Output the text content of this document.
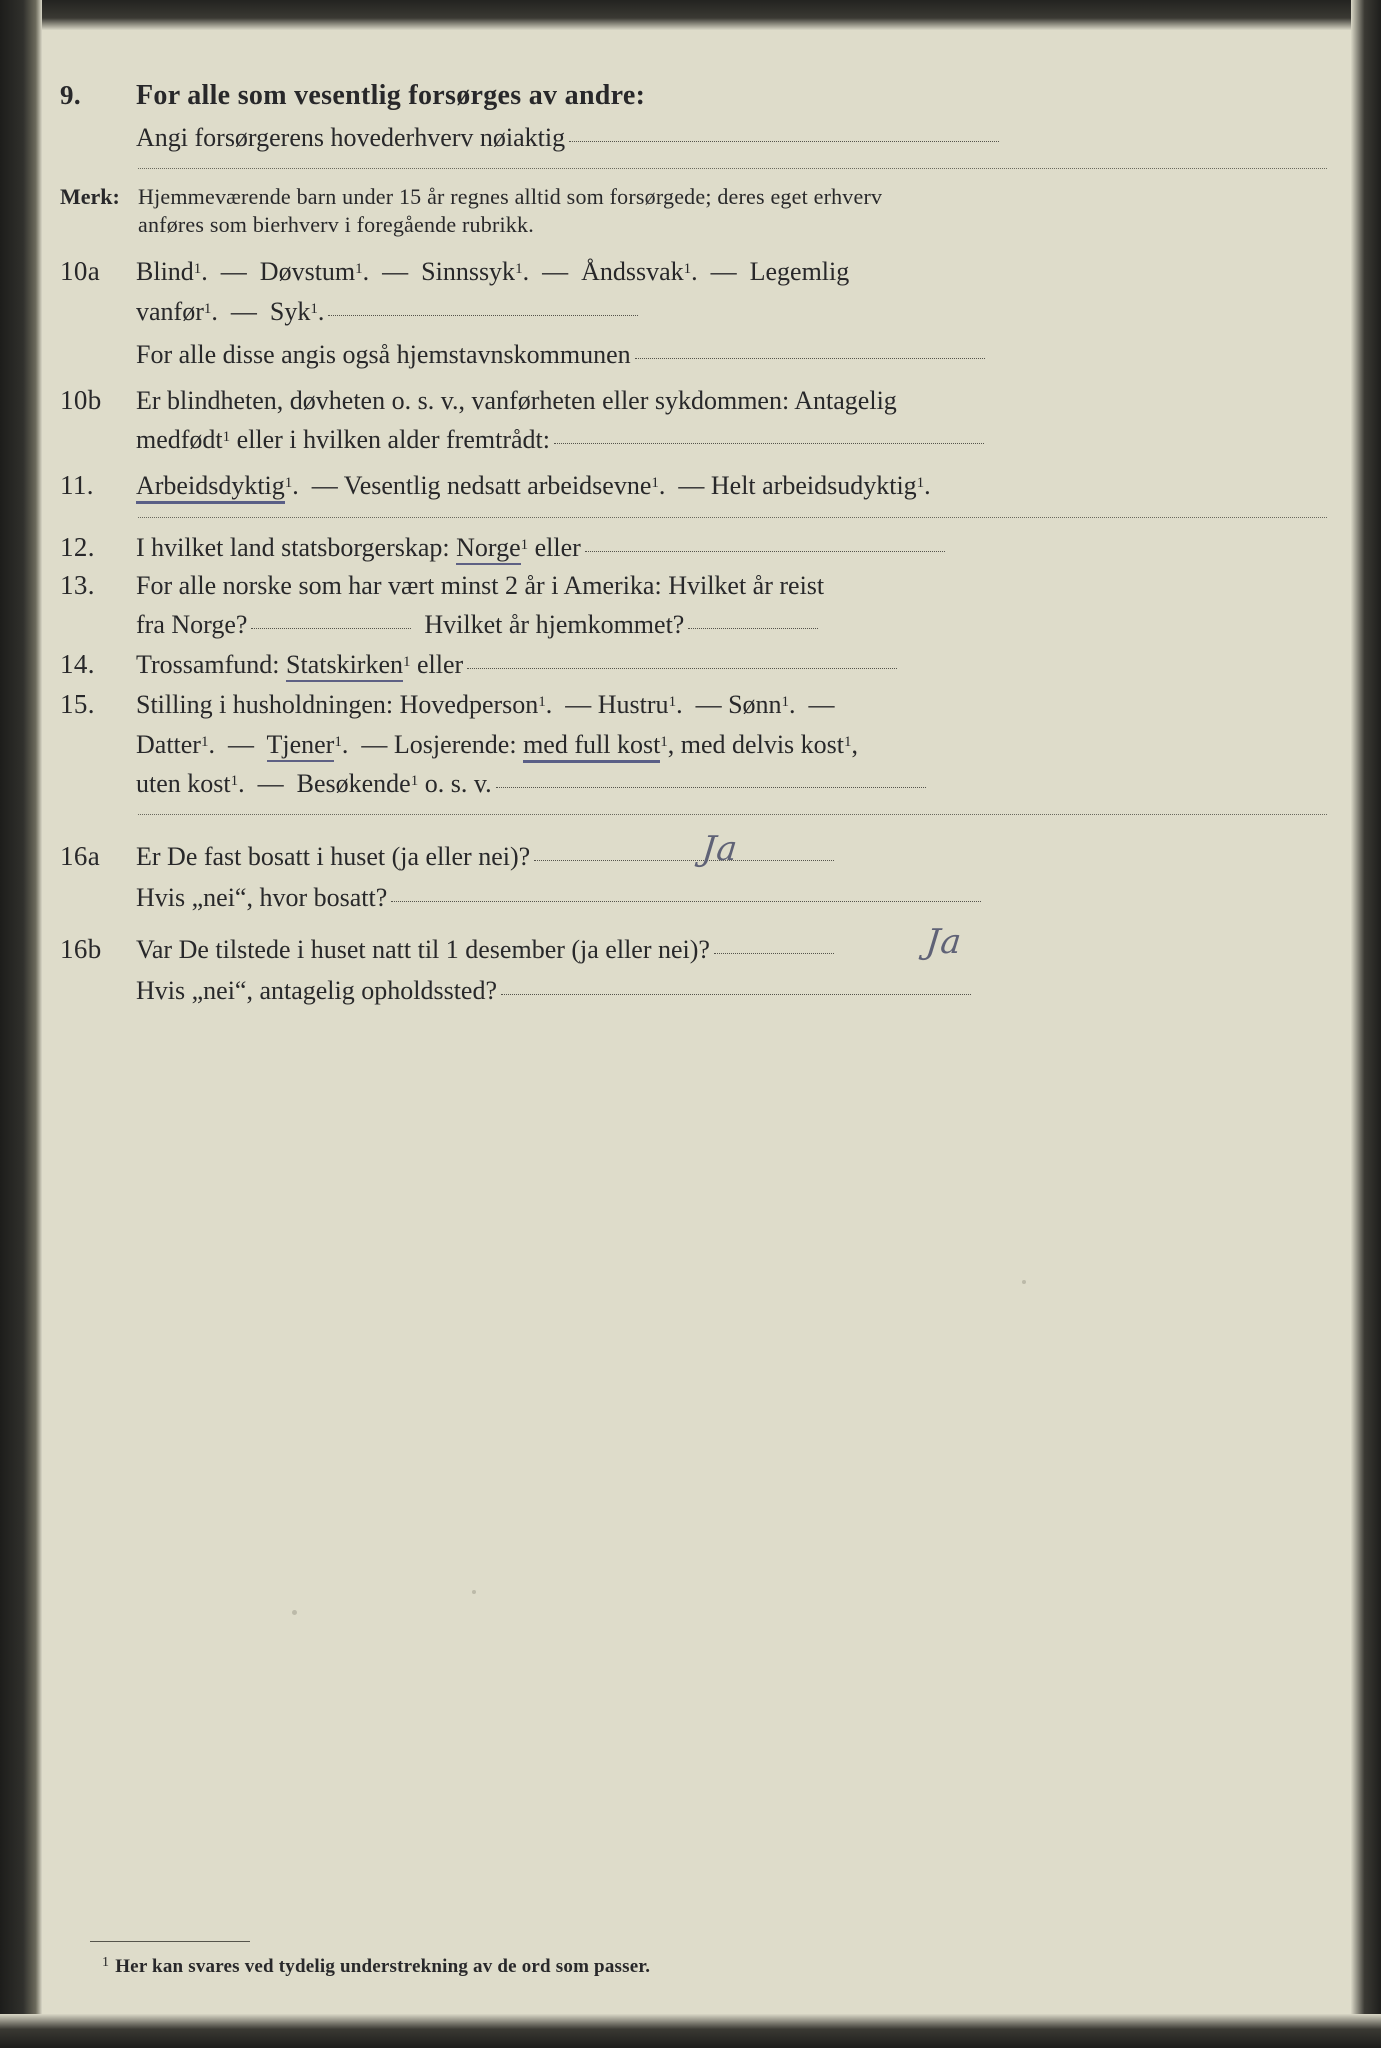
9.	For alle som vesentlig forsørges av andre:
Angi forsørgerens hovederhverv nøiaktig
Merk: Hjemmeværende barn under 15 år regnes alltid som forsørgede; deres eget erhverv
anføres som bierhverv i foregående rubrikk.
10a	Blind$^1$.  — Døvstum$^1$.  — Sinnssyk$^1$.  — Åndssvak$^1$.  — Legemlig
vanfør$^1$.  — Syk$^1$.
For alle disse angis også hjemstavnskommunen
10b	Er blindheten, døvheten o. s. v., vanførheten eller sykdommen: Antagelig
medfødt$^1$ eller i hvilken alder fremtrådt:
11.	Arbeidsdyktig$^1$.  — Vesentlig nedsatt arbeidsevne$^1$.  — Helt arbeidsudyktig$^1$.
12.	I hvilket land statsborgerskap: Norge$^1$ eller
13.	For alle norske som har vært minst 2 år i Amerika: Hvilket år reist
fra Norge?	Hvilket år hjemkommet?
14.	Trossamfund: Statskirken$^1$ eller
15.	Stilling i husholdningen: Hovedperson$^1$.  — Hustru$^1$.  — Sønn$^1$.  —
Datter$^1$.  — Tjener$^1$.  — Losjerende: med full kost$^1$, med delvis kost$^1$,
uten kost$^1$.  — Besøkende$^1$ o. s. v.
16a	Er De fast bosatt i huset (ja eller nei)?	Ja
Hvis „nei“, hvor bosatt?
16b	Var De tilstede i huset natt til 1 desember (ja eller nei)?	Ja
Hvis „nei“, antagelig opholdssted?
$^1$ Her kan svares ved tydelig understrekning av de ord som passer.
